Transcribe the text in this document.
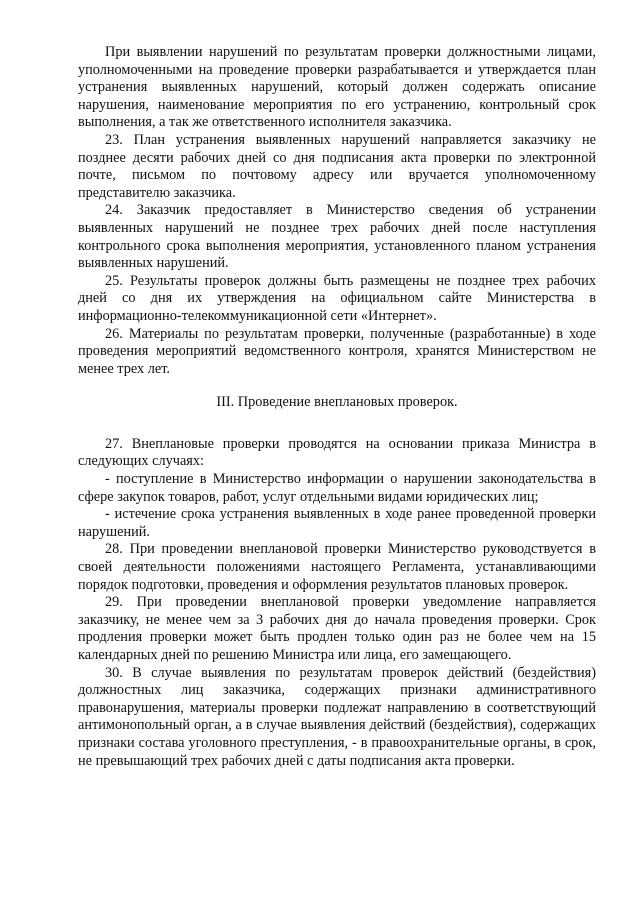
При выявлении нарушений по результатам проверки должностными лицами, уполномоченными на проведение проверки разрабатывается и утверждается план устранения выявленных нарушений, который должен содержать описание нарушения, наименование мероприятия по его устранению, контрольный срок выполнения, а так же ответственного исполнителя заказчика.

23. План устранения выявленных нарушений направляется заказчику не позднее десяти рабочих дней со дня подписания акта проверки по электронной почте, письмом по почтовому адресу или вручается уполномоченному представителю заказчика.

24. Заказчик предоставляет в Министерство сведения об устранении выявленных нарушений не позднее трех рабочих дней после наступления контрольного срока выполнения мероприятия, установленного планом устранения выявленных нарушений.

25. Результаты проверок должны быть размещены не позднее трех рабочих дней со дня их утверждения на официальном сайте Министерства в информационно-телекоммуникационной сети «Интернет».

26. Материалы по результатам проверки, полученные (разработанные) в ходе проведения мероприятий ведомственного контроля, хранятся Министерством не менее трех лет.

III. Проведение внеплановых проверок.

27. Внеплановые проверки проводятся на основании приказа Министра в следующих случаях:

- поступление в Министерство информации о нарушении законодательства в сфере закупок товаров, работ, услуг отдельными видами юридических лиц;

- истечение срока устранения выявленных в ходе ранее проведенной проверки нарушений.

28. При проведении внеплановой проверки Министерство руководствуется в своей деятельности положениями настоящего Регламента, устанавливающими порядок подготовки, проведения и оформления результатов плановых проверок.

29. При проведении внеплановой проверки уведомление направляется заказчику, не менее чем за 3 рабочих дня до начала проведения проверки. Срок продления проверки может быть продлен только один раз не более чем на 15 календарных дней по решению Министра или лица, его замещающего.

30. В случае выявления по результатам проверок действий (бездействия) должностных лиц заказчика, содержащих признаки административного правонарушения, материалы проверки подлежат направлению в соответствующий антимонопольный орган, а в случае выявления действий (бездействия), содержащих признаки состава уголовного преступления, - в правоохранительные органы, в срок, не превышающий трех рабочих дней с даты подписания акта проверки.
